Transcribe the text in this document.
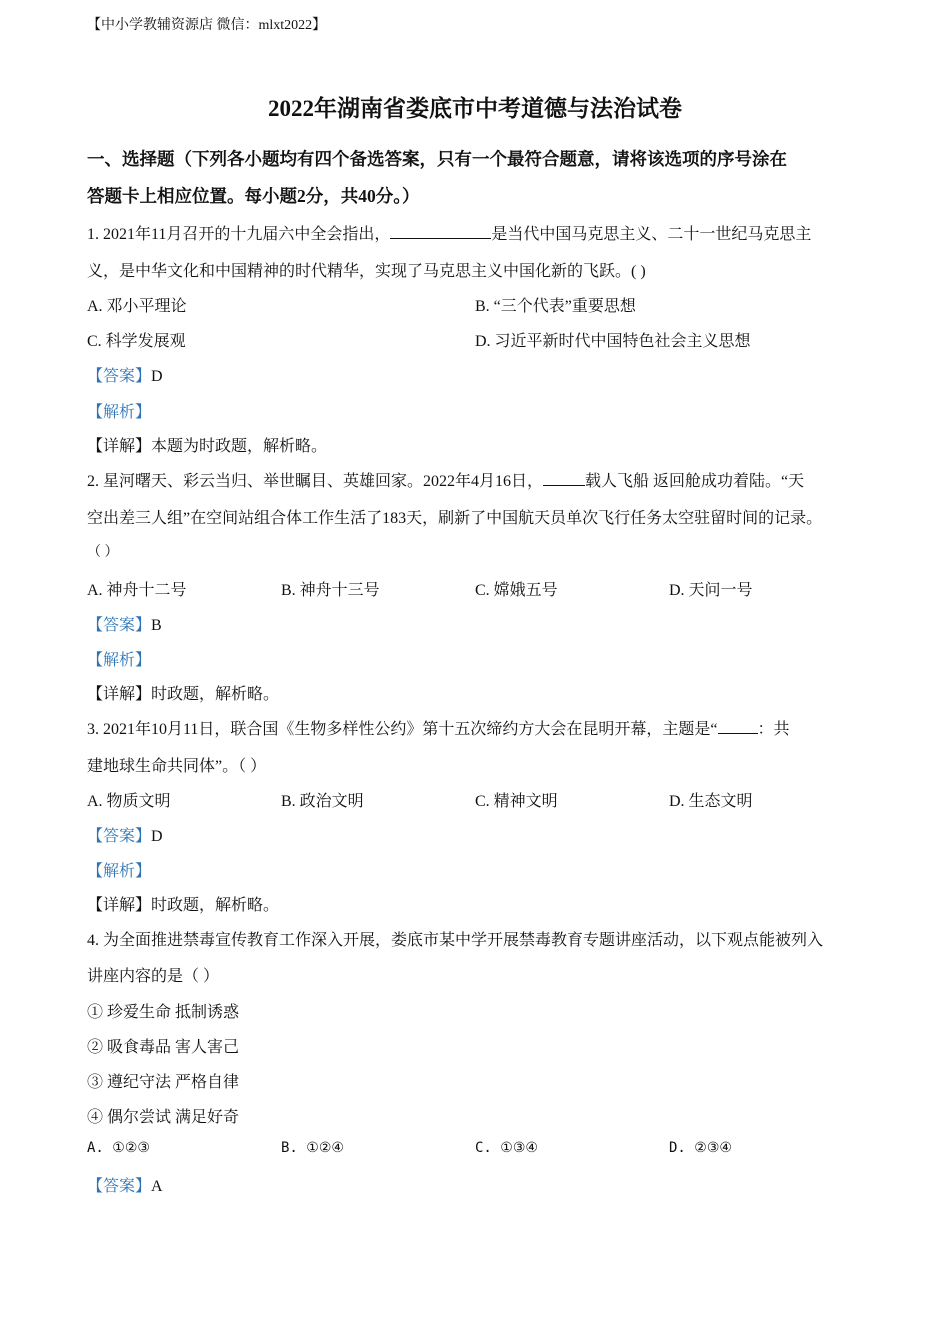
【中小学教辅资源店 微信：mlxt2022】
2022年湖南省娄底市中考道德与法治试卷
一、选择题（下列各小题均有四个备选答案，只有一个最符合题意，请将该选项的序号涂在
答题卡上相应位置。每小题2分，共40分。）
1. 2021年11月召开的十九届六中全会指出，	是当代中国马克思主义、二十一世纪马克思主
义，是中华文化和中国精神的时代精华，实现了马克思主义中国化新的飞跃。( )
A. 邓小平理论	B. “三个代表”重要思想
C. 科学发展观	D. 习近平新时代中国特色社会主义思想
【答案】D
【解析】
【详解】本题为时政题，解析略。
2. 星河曙天、彩云当归、举世瞩目、英雄回家。2022年4月16日，	载人飞船 返回舱成功着陆。“天
空出差三人组”在空间站组合体工作生活了183天，刷新了中国航天员单次飞行任务太空驻留时间的记录。
（ ）
A. 神舟十二号	B. 神舟十三号	C. 嫦娥五号	D. 天问一号
【答案】B
【解析】
【详解】时政题，解析略。
3. 2021年10月11日，联合国《生物多样性公约》第十五次缔约方大会在昆明开幕，主题是“	：共
建地球生命共同体”。（ ）
A. 物质文明	B. 政治文明	C. 精神文明	D. 生态文明
【答案】D
【解析】
【详解】时政题，解析略。
4. 为全面推进禁毒宣传教育工作深入开展，娄底市某中学开展禁毒教育专题讲座活动，以下观点能被列入
讲座内容的是（ ）
① 珍爱生命 抵制诱惑
② 吸食毒品 害人害己
③ 遵纪守法 严格自律
④ 偶尔尝试 满足好奇
A. ①②③	B. ①②④	C. ①③④	D. ②③④
【答案】A
